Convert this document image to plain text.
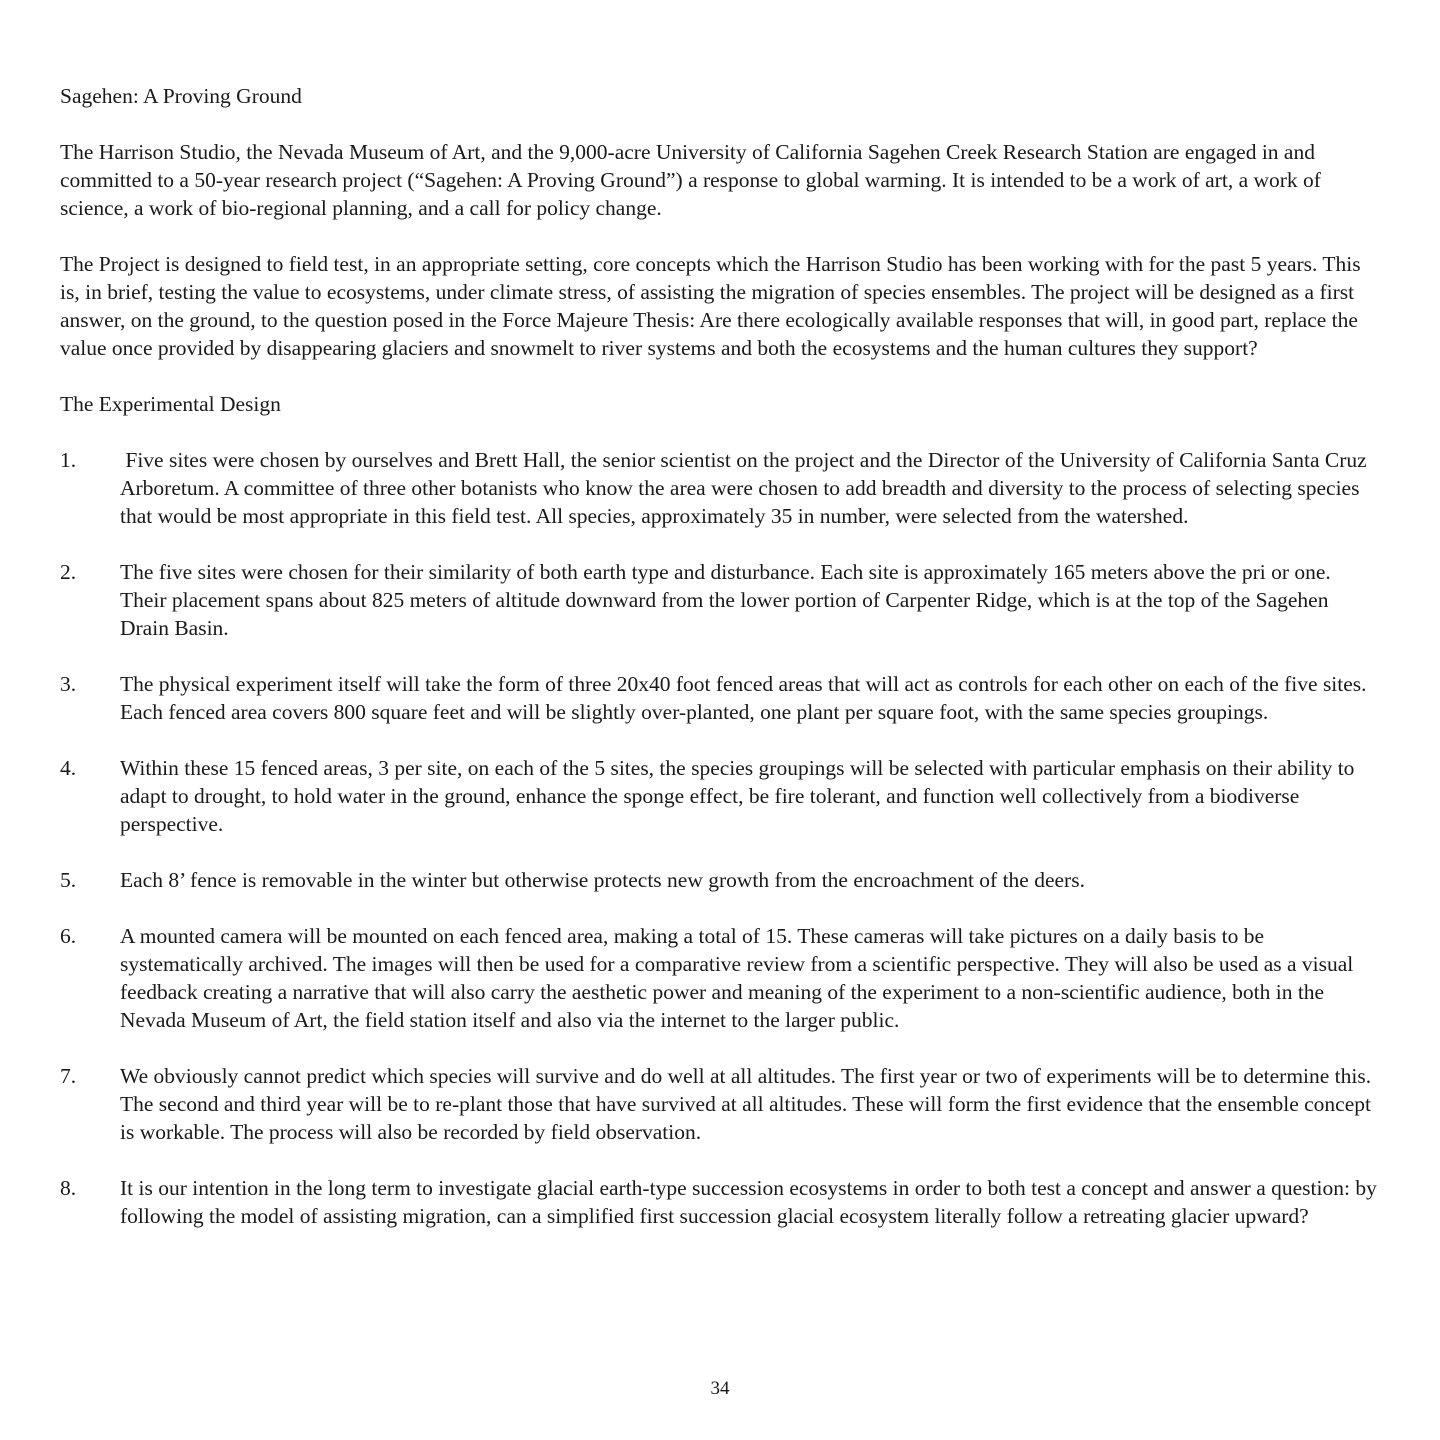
Sagehen: A Proving Ground

The Harrison Studio, the Nevada Museum of Art, and the 9,000-acre University of California Sagehen Creek Research Station are engaged in and committed to a 50-year research project (“Sagehen: A Proving Ground”) a response to global warming. It is intended to be a work of art, a work of science, a work of bio-regional planning, and a call for policy change.

The Project is designed to field test, in an appropriate setting, core concepts which the Harrison Studio has been working with for the past 5 years. This is, in brief, testing the value to ecosystems, under climate stress, of assisting the migration of species ensembles. The project will be designed as a first answer, on the ground, to the question posed in the Force Majeure Thesis: Are there ecologically available responses that will, in good part, replace the value once provided by disappearing glaciers and snowmelt to river systems and both the ecosystems and the human cultures they support?

The Experimental Design
1.	Five sites were chosen by ourselves and Brett Hall, the senior scientist on the project and the Director of the University of California Santa Cruz Arboretum. A committee of three other botanists who know the area were chosen to add breadth and diversity to the process of selecting species that would be most appropriate in this field test. All species, approximately 35 in number, were selected from the watershed.
2.	The five sites were chosen for their similarity of both earth type and disturbance. Each site is approximately 165 meters above the pri or one. Their placement spans about 825 meters of altitude downward from the lower portion of Carpenter Ridge, which is at the top of the Sagehen Drain Basin.
3.	The physical experiment itself will take the form of three 20x40 foot fenced areas that will act as controls for each other on each of the five sites. Each fenced area covers 800 square feet and will be slightly over-planted, one plant per square foot, with the same species groupings.
4.	Within these 15 fenced areas, 3 per site, on each of the 5 sites, the species groupings will be selected with particular emphasis on their ability to adapt to drought, to hold water in the ground, enhance the sponge effect, be fire tolerant, and function well collectively from a biodiverse perspective.
5.	Each 8’ fence is removable in the winter but otherwise protects new growth from the encroachment of the deers.
6.	A mounted camera will be mounted on each fenced area, making a total of 15. These cameras will take pictures on a daily basis to be systematically archived. The images will then be used for a comparative review from a scientific perspective. They will also be used as a visual feedback creating a narrative that will also carry the aesthetic power and meaning of the experiment to a non-scientific audience, both in the Nevada Museum of Art, the field station itself and also via the internet to the larger public.
7.	We obviously cannot predict which species will survive and do well at all altitudes. The first year or two of experiments will be to determine this. The second and third year will be to re-plant those that have survived at all altitudes. These will form the first evidence that the ensemble concept is workable. The process will also be recorded by field observation.
8.	It is our intention in the long term to investigate glacial earth-type succession ecosystems in order to both test a concept and answer a question: by following the model of assisting migration, can a simplified first succession glacial ecosystem literally follow a retreating glacier upward?
34
